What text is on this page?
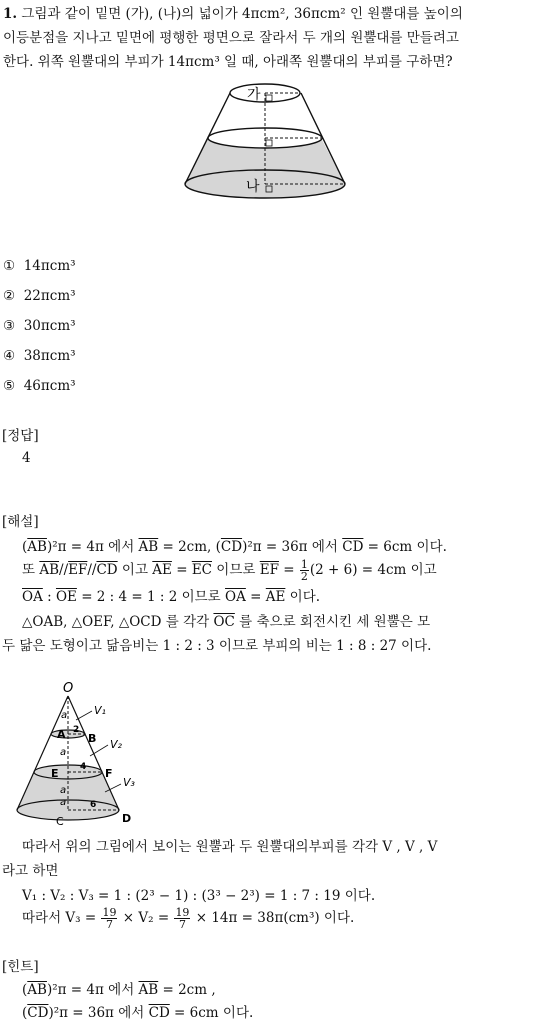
1. 그림과 같이 밑면 (가), (나)의 넓이가 4πcm², 36πcm² 인 원뿔대를 높이의
이등분점을 지나고 밑면에 평행한 평면으로 잘라서 두 개의 원뿔대를 만들려고
한다. 위쪽 원뿔대의 부피가 14πcm³ 일 때, 아래쪽 원뿔대의 부피를 구하면?
가
나
① 14πcm³
② 22πcm³
③ 30πcm³
④ 38πcm³
⑤ 46πcm³
[정답]
4
[해설]
$(\overline{AB})^2\pi = 4\pi$ 에서 $\overline{AB} = 2cm$, $(\overline{CD})^2\pi = 36\pi$ 에서 $\overline{CD} = 6cm$ 이다.
또 $\overline{AB}//\overline{EF}//\overline{CD}$ 이고 $\overline{AE} = \overline{EC}$ 이므로 $\overline{EF} = \frac{1}{2} (2 + 6) = 4cm$ 이고
$\overline{OA}$ : $\overline{OE} = 2$ : 4 = 1 : 2 이므로 $\overline{OA} = \overline{AE}$ 이다.
△OAB, △OEF, △OCD 를 각각 $\overline{OC}$ 를 축으로 회전시킨 세 원뿔은 모
두 닮은 도형이고 닮음비는 1 : 2 : 3 이므로 부피의 비는 1 : 8 : 27 이다.
O
A B
E	F
C	D
V₁
V₂
V₃
a
a
a
a
2
4
6
따라서 위의 그림에서 보이는 원뿔과 두 원뿔대의부피를 각각 V , V , V
라고 하면
V₁ : V₂ : V₃ = 1 : (2³ − 1) : (3³ − 2³) = 1 : 7 : 19 이다.
따라서 $V_3 = \frac{19}{7} \times V_2 = \frac{19}{7} \times 14\pi = 38\pi(cm^3)$ 이다.
[힌트]
$(\overline{AB})^2\pi = 4\pi$ 에서 $\overline{AB} = 2cm$ ,
$(\overline{CD})^2\pi = 36\pi$ 에서 $\overline{CD} = 6cm$ 이다.
